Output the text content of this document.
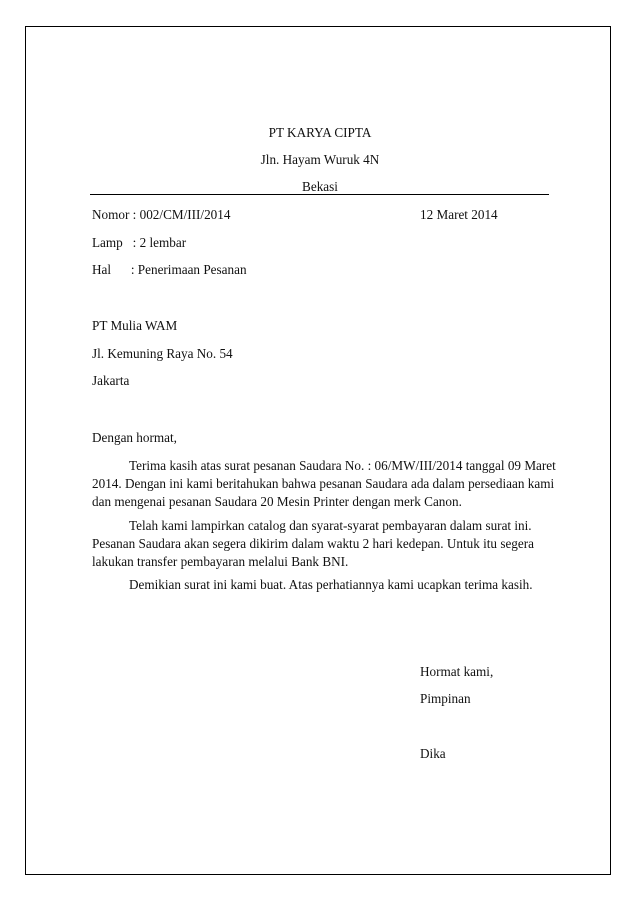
PT KARYA CIPTA
Jln. Hayam Wuruk 4N
Bekasi
Nomor : 002/CM/III/2014	12 Maret 2014
Lamp   : 2 lembar
Hal      : Penerimaan Pesanan
PT Mulia WAM
Jl. Kemuning Raya No. 54
Jakarta
Dengan hormat,
Terima kasih atas surat pesanan Saudara No. : 06/MW/III/2014 tanggal 09 Maret
2014. Dengan ini kami beritahukan bahwa pesanan Saudara ada dalam persediaan kami
dan mengenai pesanan Saudara 20 Mesin Printer dengan merk Canon.
Telah kami lampirkan catalog dan syarat-syarat pembayaran dalam surat ini.
Pesanan Saudara akan segera dikirim dalam waktu 2 hari kedepan. Untuk itu segera
lakukan transfer pembayaran melalui Bank BNI.
Demikian surat ini kami buat. Atas perhatiannya kami ucapkan terima kasih.
Hormat kami,
Pimpinan
Dika
